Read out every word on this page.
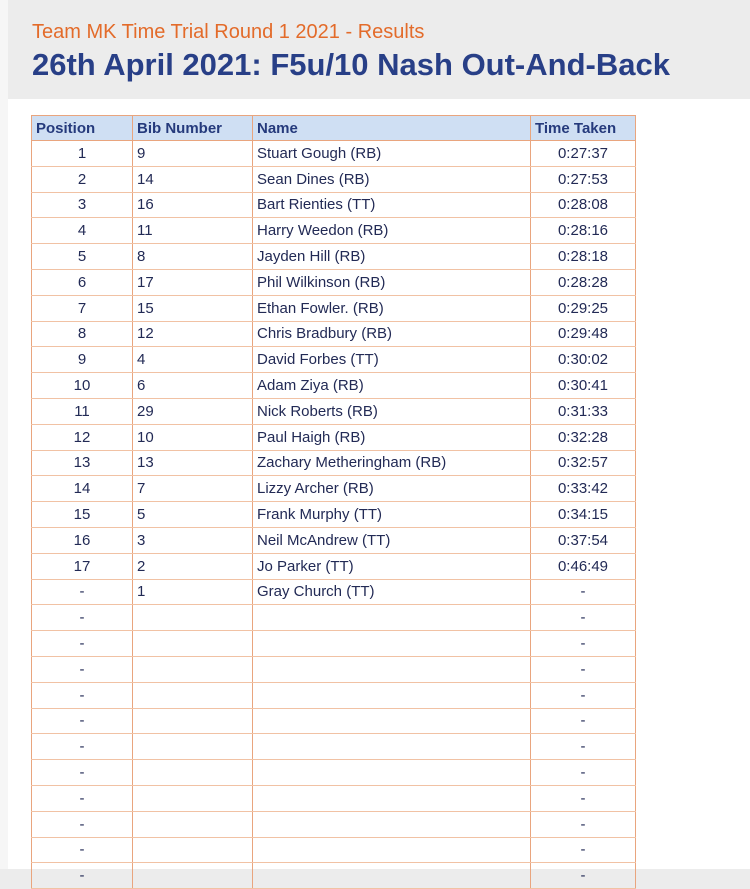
Team MK Time Trial Round 1 2021 - Results
26th April 2021: F5u/10 Nash Out-And-Back
Position	Bib Number	Name	Time Taken
1	9	Stuart Gough (RB)	0:27:37
2	14	Sean Dines (RB)	0:27:53
3	16	Bart Rienties (TT)	0:28:08
4	11	Harry Weedon (RB)	0:28:16
5	8	Jayden Hill (RB)	0:28:18
6	17	Phil Wilkinson (RB)	0:28:28
7	15	Ethan Fowler. (RB)	0:29:25
8	12	Chris Bradbury (RB)	0:29:48
9	4	David Forbes (TT)	0:30:02
10	6	Adam Ziya (RB)	0:30:41
11	29	Nick Roberts (RB)	0:31:33
12	10	Paul Haigh (RB)	0:32:28
13	13	Zachary Metheringham (RB)	0:32:57
14	7	Lizzy Archer (RB)	0:33:42
15	5	Frank Murphy (TT)	0:34:15
16	3	Neil McAndrew (TT)	0:37:54
17	2	Jo Parker (TT)	0:46:49
-	1	Gray Church (TT)	-
-			-
-			-
-			-
-			-
-			-
-			-
-			-
-			-
-			-
-			-
-			-
